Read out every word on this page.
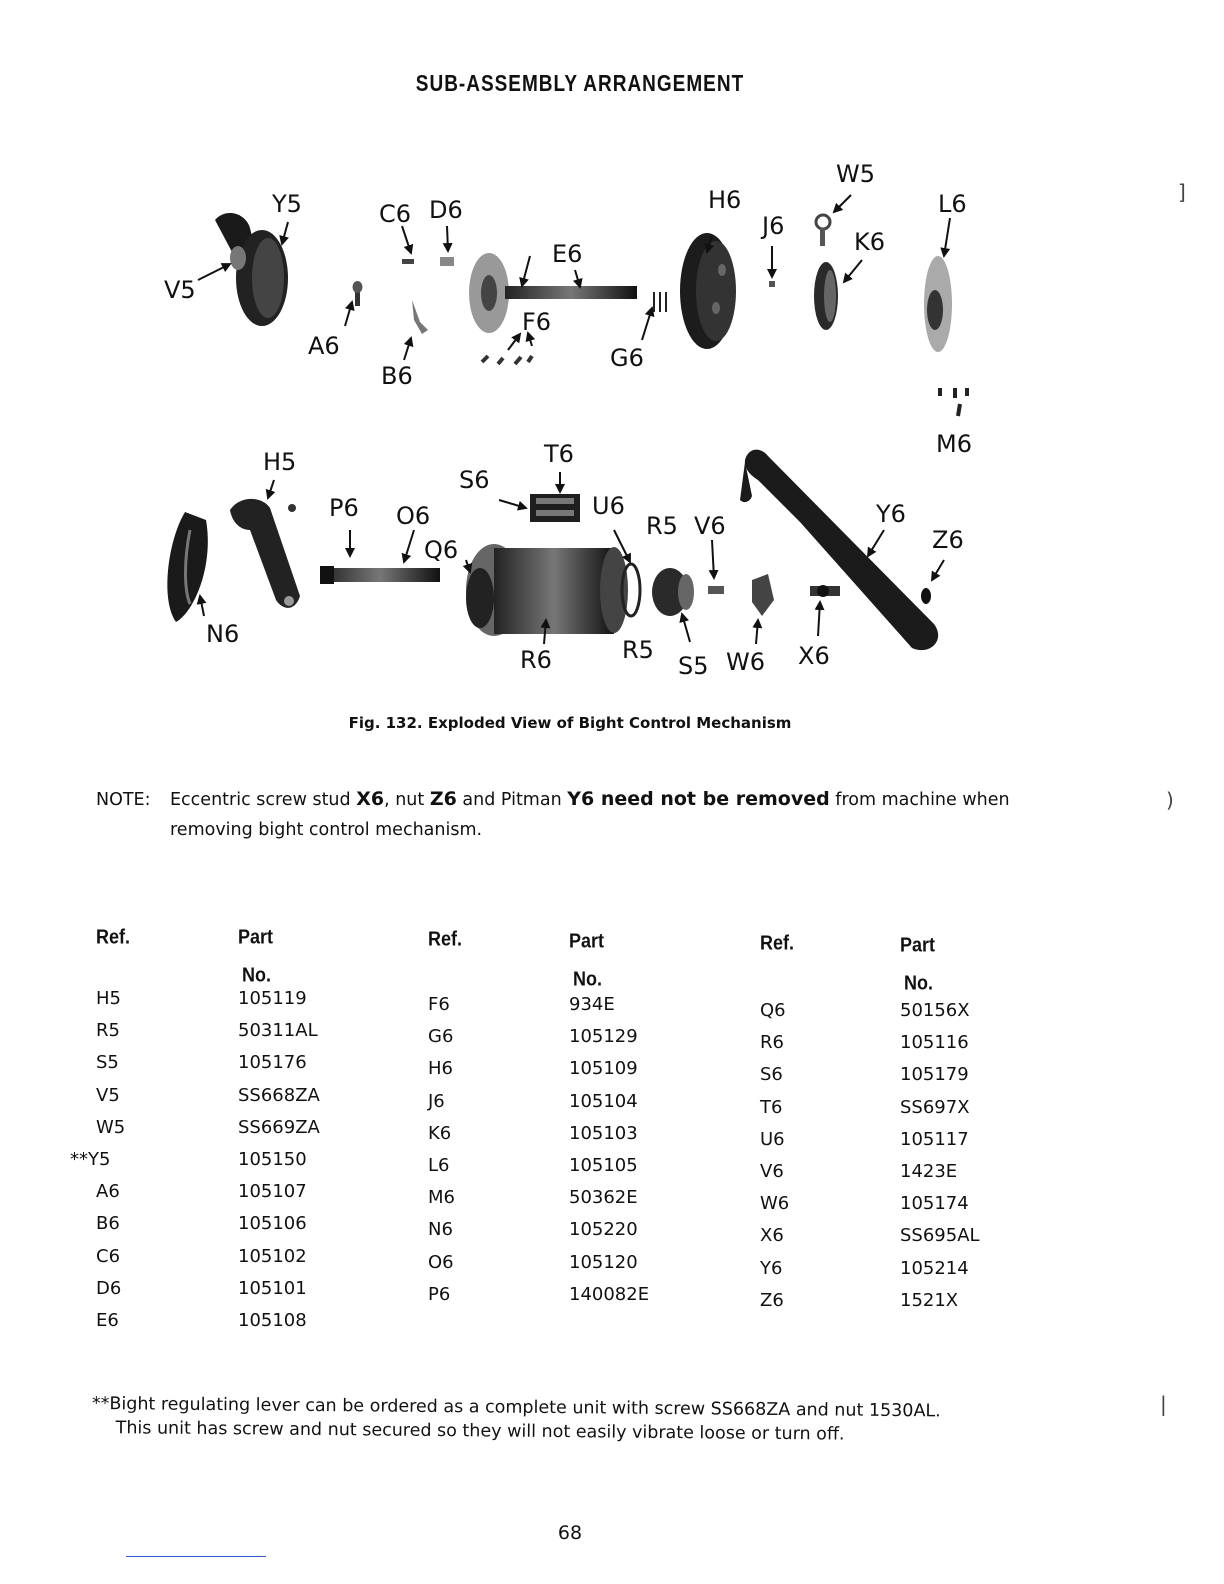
SUB-ASSEMBLY ARRANGEMENT
Y5	C6 D6	H6
W5
L6
J6
K6
E6
V5
F6
A6	G6
B6
M6
T6
H5
S6
U6
P6 O6	R5 V6	Y6
Q6	Z6
N6
R6	R5
S5 W6 X6
Fig. 132. Exploded View of Bight Control Mechanism
NOTE: Eccentric screw stud X6, nut Z6 and Pitman Y6 need not be removed from machine when
removing bight control mechanism.
Ref.	Part
No.
Ref.	Part
No.
Ref.	Part
No.
H5	105119
R5	50311AL
S5	105176
V5	SS668ZA
W5	SS669ZA
**Y5	105150
A6	105107
B6	105106
C6	105102
D6	105101
E6	105108
F6	934E
G6	105129
H6	105109
J6	105104
K6	105103
L6	105105
M6	50362E
N6	105220
O6	105120
P6	140082E
Q6	50156X
R6	105116
S6	105179
T6	SS697X
U6	105117
V6	1423E
W6	105174
X6	SS695AL
Y6	105214
Z6	1521X
**Bight regulating lever can be ordered as a complete unit with screw SS668ZA and nut 1530AL.
This unit has screw and nut secured so they will not easily vibrate loose or turn off.
68
]
)
|
